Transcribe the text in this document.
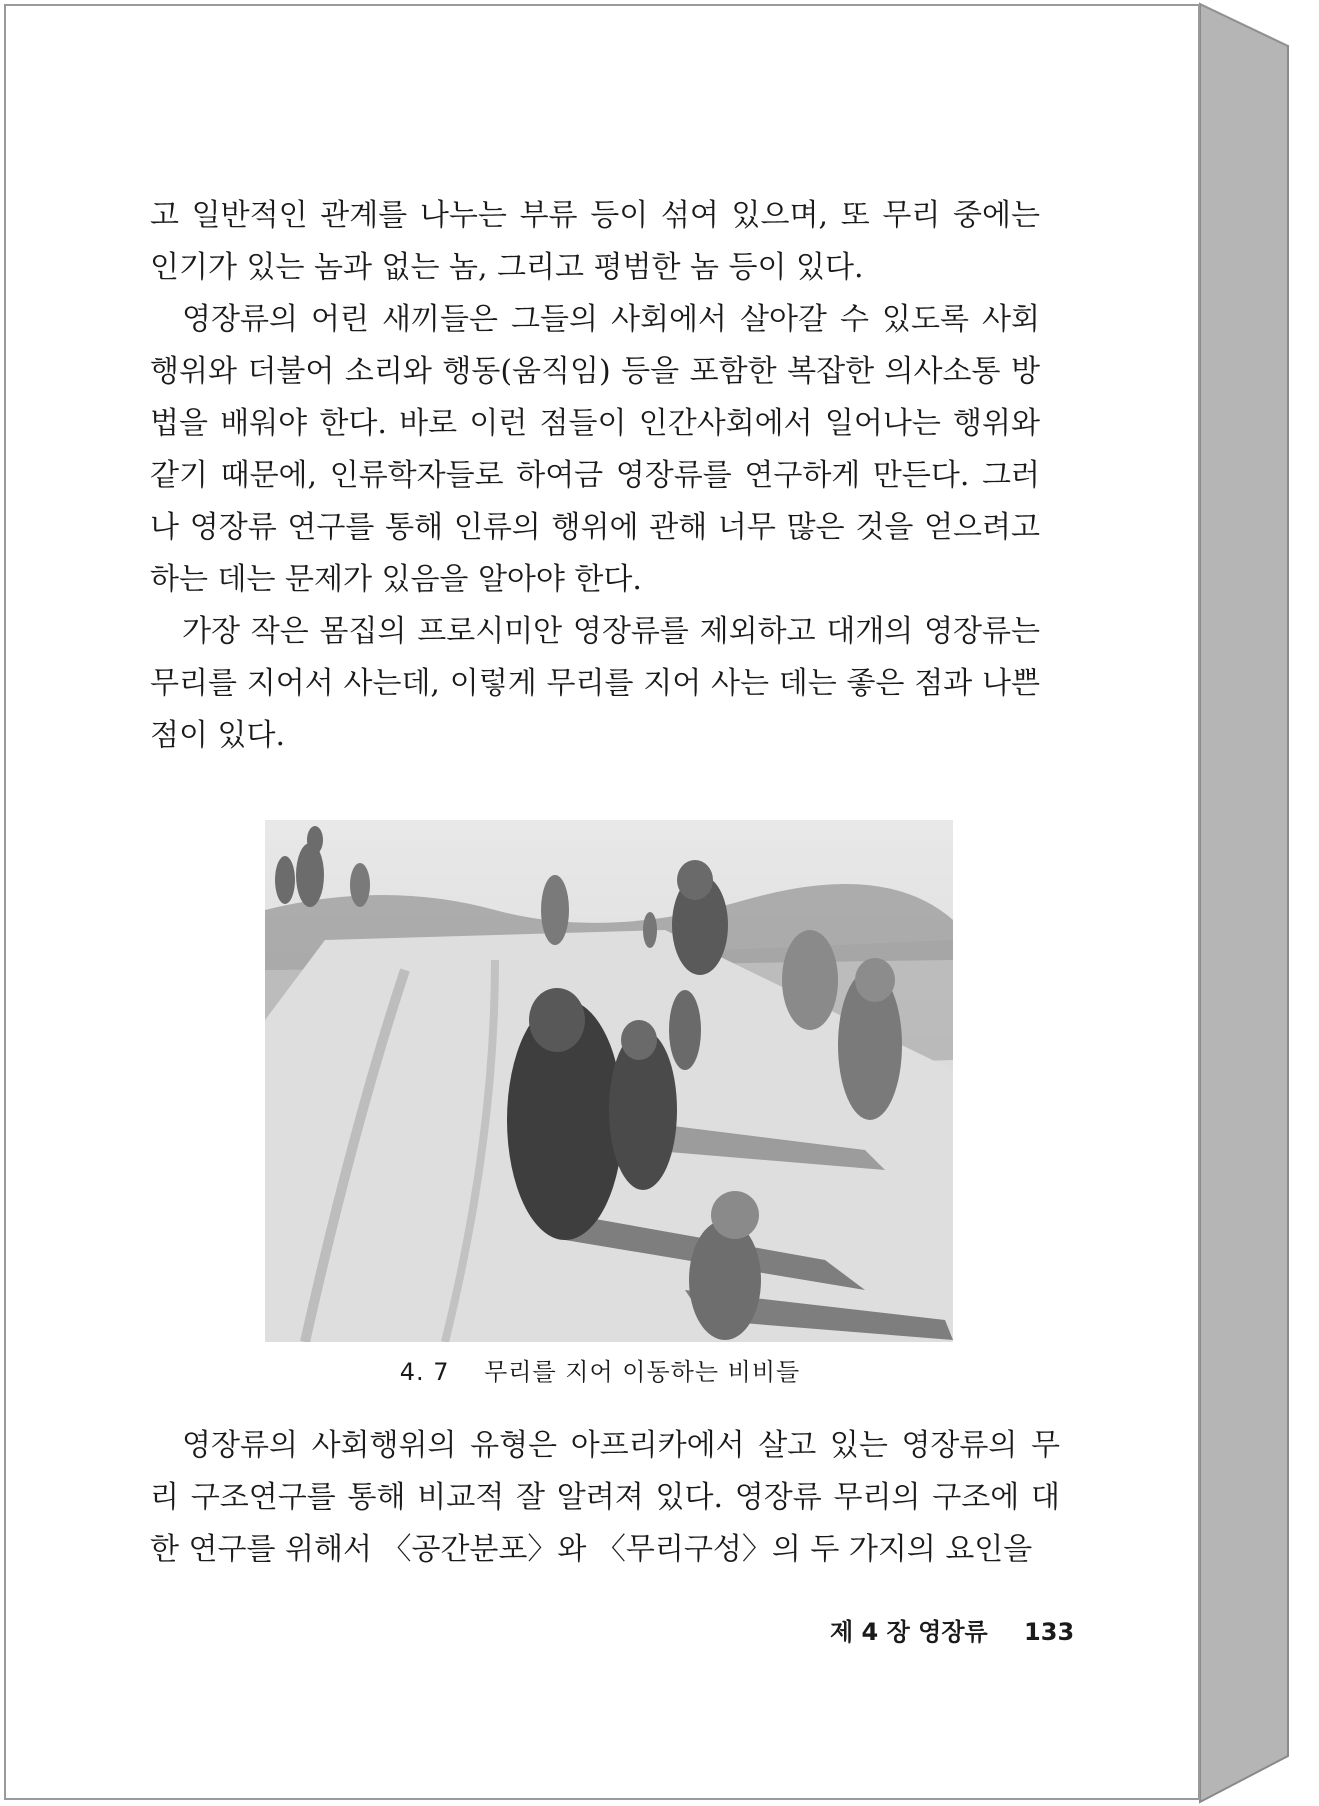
고 일반적인 관계를 나누는 부류 등이 섞여 있으며, 또 무리 중에는 인기가 있는 놈과 없는 놈, 그리고 평범한 놈 등이 있다.

영장류의 어린 새끼들은 그들의 사회에서 살아갈 수 있도록 사회행위와 더불어 소리와 행동(움직임) 등을 포함한 복잡한 의사소통 방법을 배워야 한다. 바로 이런 점들이 인간사회에서 일어나는 행위와 같기 때문에, 인류학자들로 하여금 영장류를 연구하게 만든다. 그러나 영장류 연구를 통해 인류의 행위에 관해 너무 많은 것을 얻으려고 하는 데는 문제가 있음을 알아야 한다.

가장 작은 몸집의 프로시미안 영장류를 제외하고 대개의 영장류는 무리를 지어서 사는데, 이렇게 무리를 지어 사는 데는 좋은 점과 나쁜 점이 있다.

4. 7 무리를 지어 이동하는 비비들

영장류의 사회행위의 유형은 아프리카에서 살고 있는 영장류의 무리 구조연구를 통해 비교적 잘 알려져 있다. 영장류 무리의 구조에 대한 연구를 위해서 〈공간분포〉와 〈무리구성〉의 두 가지의 요인을

제 4 장 영장류 133
